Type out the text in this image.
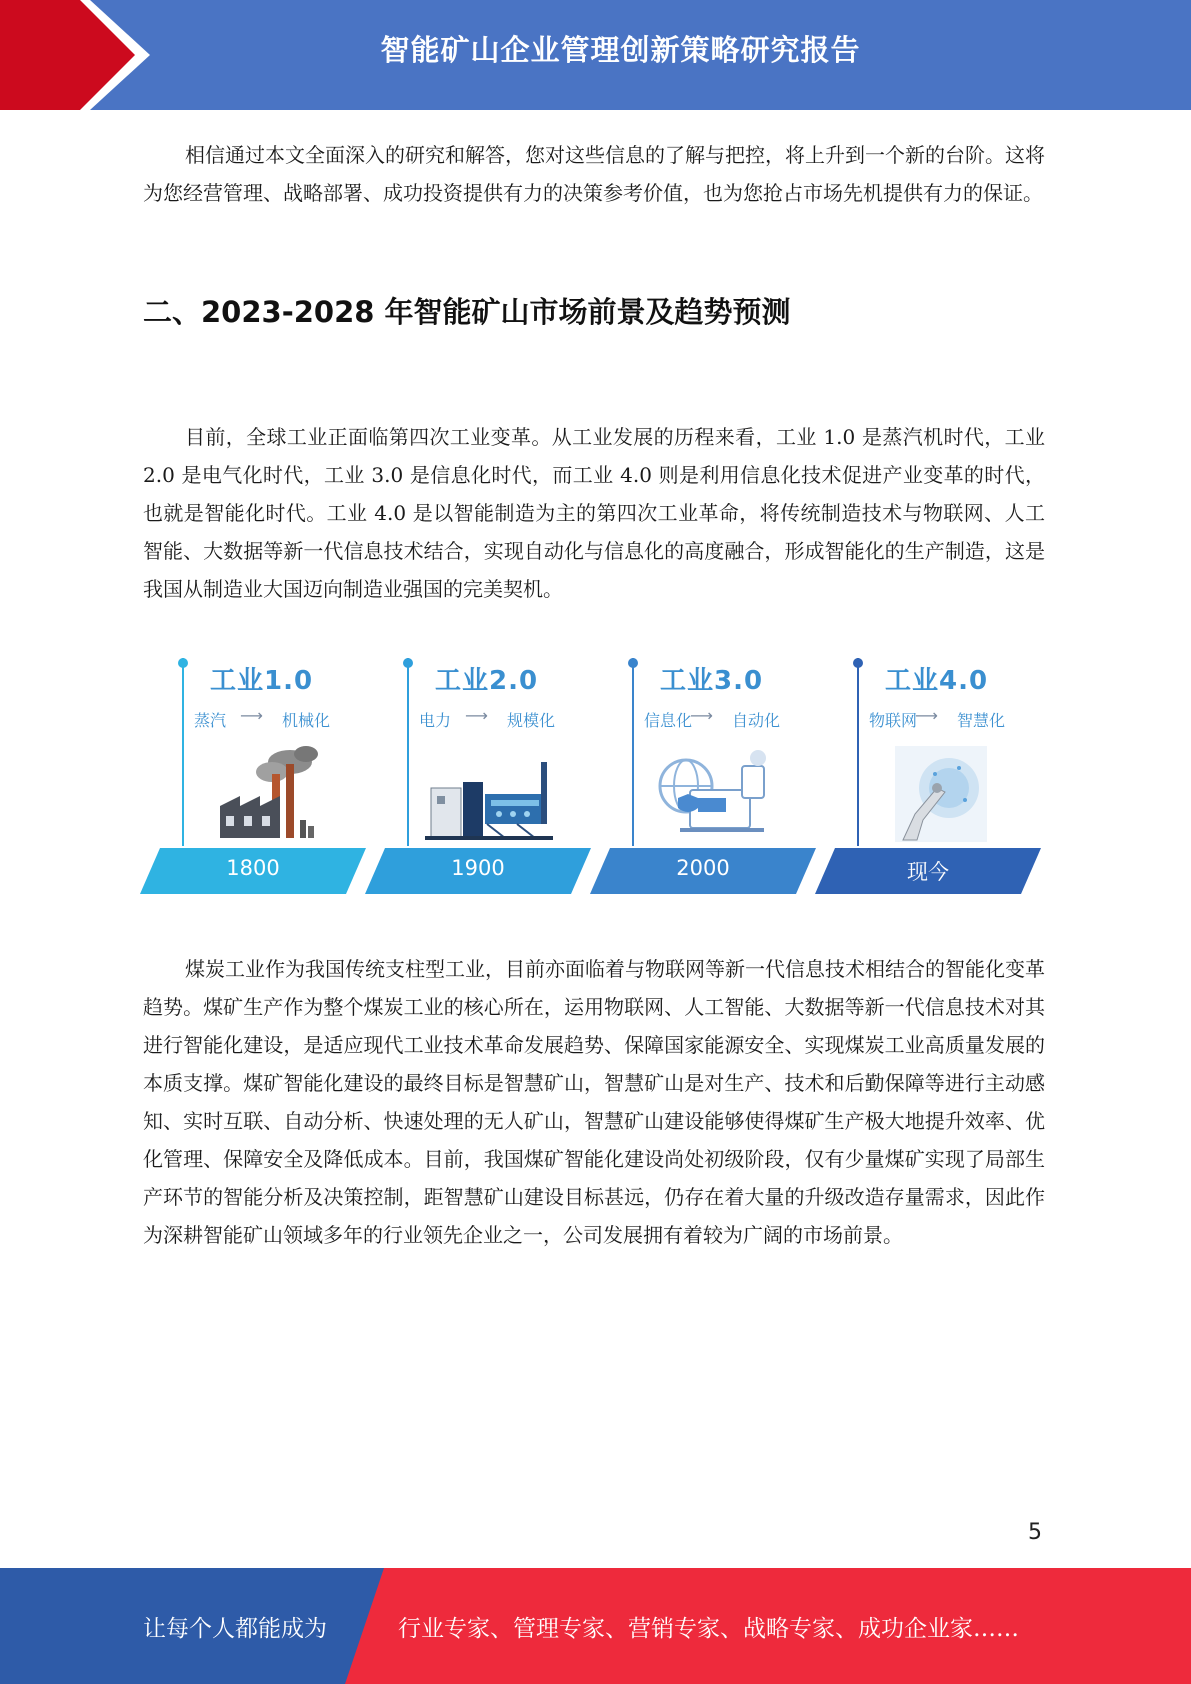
智能矿山企业管理创新策略研究报告

相信通过本文全面深入的研究和解答，您对这些信息的了解与把控，将上升到一个新的台阶。这将为您经营管理、战略部署、成功投资提供有力的决策参考价值，也为您抢占市场先机提供有力的保证。

二、2023-2028 年智能矿山市场前景及趋势预测

目前，全球工业正面临第四次工业变革。从工业发展的历程来看，工业 1.0 是蒸汽机时代，工业 2.0 是电气化时代，工业 3.0 是信息化时代，而工业 4.0 则是利用信息化技术促进产业变革的时代，也就是智能化时代。工业 4.0 是以智能制造为主的第四次工业革命，将传统制造技术与物联网、人工智能、大数据等新一代信息技术结合，实现自动化与信息化的高度融合，形成智能化的生产制造，这是我国从制造业大国迈向制造业强国的完美契机。

工业1.0
蒸汽 ⟶ 机械化
1800
工业2.0
电力 ⟶ 规模化
1900
工业3.0
信息化
⟶ 自动化
2000
工业4.0
物联网
⟶ 智慧化
现今

煤炭工业作为我国传统支柱型工业，目前亦面临着与物联网等新一代信息技术相结合的智能化变革趋势。煤矿生产作为整个煤炭工业的核心所在，运用物联网、人工智能、大数据等新一代信息技术对其进行智能化建设，是适应现代工业技术革命发展趋势、保障国家能源安全、实现煤炭工业高质量发展的本质支撑。煤矿智能化建设的最终目标是智慧矿山，智慧矿山是对生产、技术和后勤保障等进行主动感知、实时互联、自动分析、快速处理的无人矿山，智慧矿山建设能够使得煤矿生产极大地提升效率、优化管理、保障安全及降低成本。目前，我国煤矿智能化建设尚处初级阶段，仅有少量煤矿实现了局部生产环节的智能分析及决策控制，距智慧矿山建设目标甚远，仍存在着大量的升级改造存量需求，因此作为深耕智能矿山领域多年的行业领先企业之一，公司发展拥有着较为广阔的市场前景。

5
让每个人都能成为	行业专家、管理专家、营销专家、战略专家、成功企业家……
